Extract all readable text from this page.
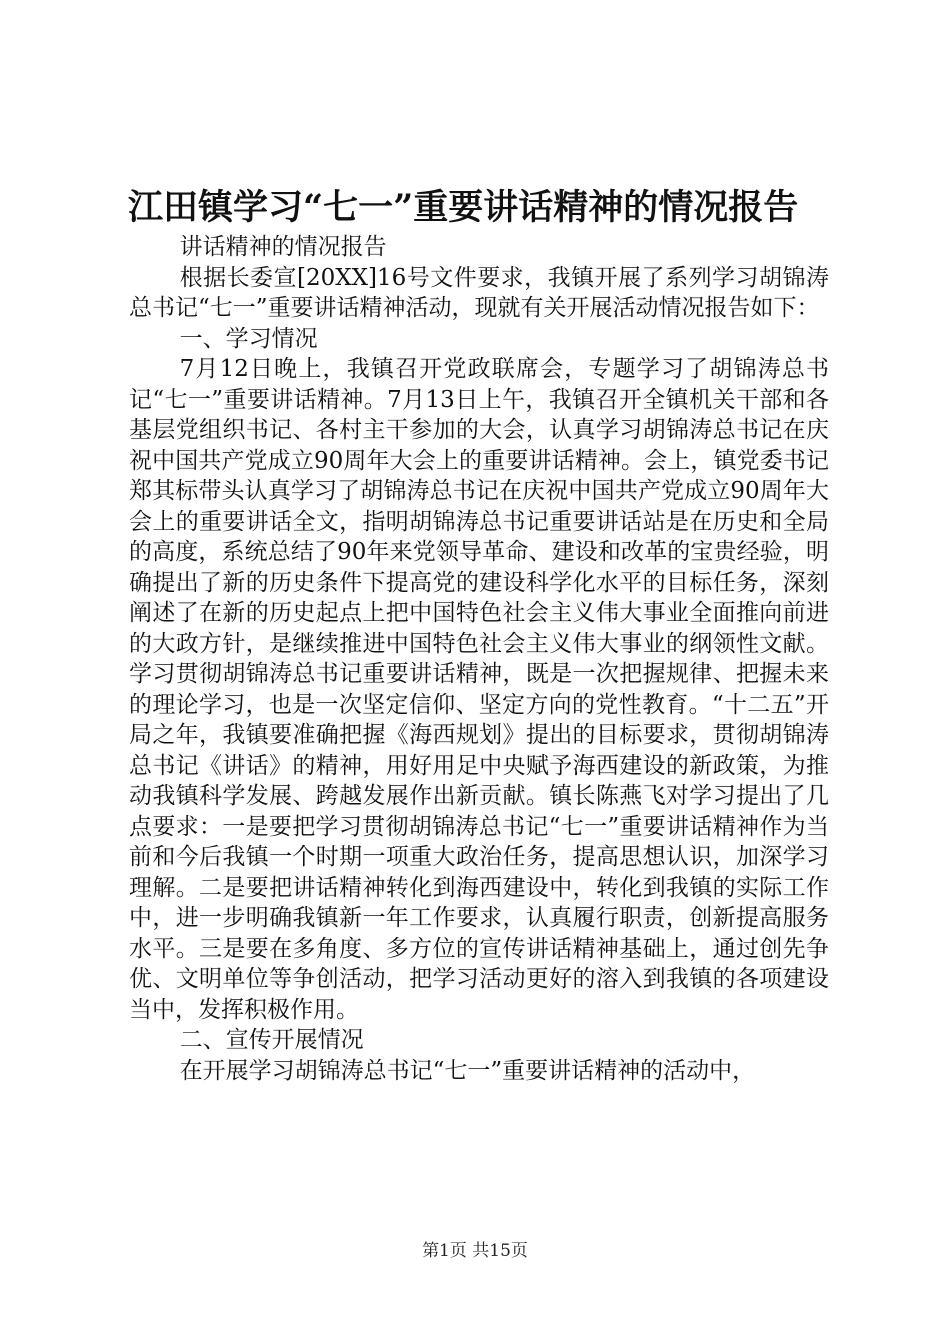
江田镇学习“七一”重要讲话精神的情况报告

讲话精神的情况报告

根据长委宣[20XX]16号文件要求，我镇开展了系列学习胡锦涛总书记“七一”重要讲话精神活动，现就有关开展活动情况报告如下：

一、学习情况

7月12日晚上，我镇召开党政联席会，专题学习了胡锦涛总书记“七一”重要讲话精神。7月13日上午，我镇召开全镇机关干部和各基层党组织书记、各村主干参加的大会，认真学习胡锦涛总书记在庆祝中国共产党成立90周年大会上的重要讲话精神。会上，镇党委书记郑其标带头认真学习了胡锦涛总书记在庆祝中国共产党成立90周年大会上的重要讲话全文，指明胡锦涛总书记重要讲话站是在历史和全局的高度，系统总结了90年来党领导革命、建设和改革的宝贵经验，明确提出了新的历史条件下提高党的建设科学化水平的目标任务，深刻阐述了在新的历史起点上把中国特色社会主义伟大事业全面推向前进的大政方针，是继续推进中国特色社会主义伟大事业的纲领性文献。学习贯彻胡锦涛总书记重要讲话精神，既是一次把握规律、把握未来的理论学习，也是一次坚定信仰、坚定方向的党性教育。“十二五”开局之年，我镇要准确把握《海西规划》提出的目标要求，贯彻胡锦涛总书记《讲话》的精神，用好用足中央赋予海西建设的新政策，为推动我镇科学发展、跨越发展作出新贡献。镇长陈燕飞对学习提出了几点要求：一是要把学习贯彻胡锦涛总书记“七一”重要讲话精神作为当前和今后我镇一个时期一项重大政治任务，提高思想认识，加深学习理解。二是要把讲话精神转化到海西建设中，转化到我镇的实际工作中，进一步明确我镇新一年工作要求，认真履行职责，创新提高服务水平。三是要在多角度、多方位的宣传讲话精神基础上，通过创先争优、文明单位等争创活动，把学习活动更好的溶入到我镇的各项建设当中，发挥积极作用。

二、宣传开展情况

在开展学习胡锦涛总书记“七一”重要讲话精神的活动中，

第1页 共15页
